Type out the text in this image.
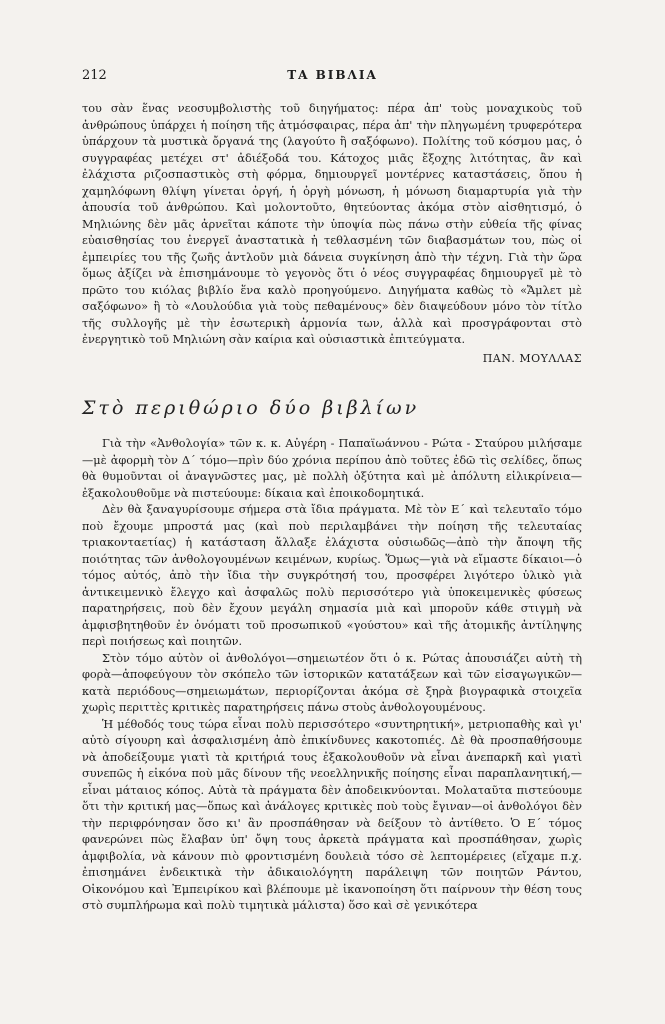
212	ΤΑ ΒΙΒΛΙΑ

του σὰν ἕνας νεοσυμβολιστὴς τοῦ διηγήματος: πέρα ἀπ' τοὺς μοναχικοὺς τοῦ ἀνθρώπους ὑπάρχει ἡ ποίηση τῆς ἀτμόσφαιρας, πέρα ἀπ' τὴν πληγωμένη τρυφερότερα ὑπάρχουν τὰ μυστικὰ ὄργανά της (λαγούτο ἢ σαξόφωνο). Πολίτης τοῦ κόσμου μας, ὁ συγγραφέας μετέχει στ' ἀδιέξοδά του. Κάτοχος μιᾶς ἔξοχης λιτότητας, ἂν καὶ ἐλάχιστα ριζοσπαστικὸς στὴ φόρμα, δημιουργεῖ μοντέρνες καταστάσεις, ὅπου ἡ χαμηλόφωνη θλίψη γίνεται ὀργή, ἡ ὀργὴ μόνωση, ἡ μόνωση διαμαρτυρία γιὰ τὴν ἀπουσία τοῦ ἀνθρώπου. Καὶ μολοντοῦτο, θητεύοντας ἀκόμα στὸν αἰσθητισμό, ὁ Μηλιώνης δὲν μᾶς ἀρνεῖται κάποτε τὴν ὑποψία πὼς πάνω στὴν εὐθεία τῆς φίνας εὐαισθησίας του ἐνεργεῖ ἀναστατικὰ ἡ τεθλασμένη τῶν διαβασμάτων του, πὼς οἱ ἐμπειρίες του τῆς ζωῆς ἀντλοῦν μιὰ δάνεια συγκίνηση ἀπὸ τὴν τέχνη. Γιὰ τὴν ὥρα ὅμως ἀξίζει νὰ ἐπισημάνουμε τὸ γεγονὸς ὅτι ὁ νέος συγγραφέας δημιουργεῖ μὲ τὸ πρῶτο του κιόλας βιβλίο ἕνα καλὸ προηγούμενο. Διηγήματα καθὼς τὸ «Ἄμλετ μὲ σαξόφωνο» ἢ τὸ «Λουλούδια γιὰ τοὺς πεθαμένους» δὲν διαψεύδουν μόνο τὸν τίτλο τῆς συλλογῆς μὲ τὴν ἐσωτερικὴ ἁρμονία των, ἀλλὰ καὶ προσγράφονται στὸ ἐνεργητικὸ τοῦ Μηλιώνη σὰν καίρια καὶ οὐσιαστικὰ ἐπιτεύγματα.

ΠΑΝ. ΜΟΥΛΛΑΣ

Στὸ περιθώριο δύο βιβλίων

Γιὰ τὴν «Ἀνθολογία» τῶν κ. κ. Αὐγέρη - Παπαϊωάννου - Ρώτα - Σταύρου μιλήσαμε—μὲ ἀφορμὴ τὸν Δ΄ τόμο—πρὶν δύο χρόνια περίπου ἀπὸ τοῦτες ἐδῶ τὶς σελίδες, ὅπως θὰ θυμοῦνται οἱ ἀναγνῶστες μας, μὲ πολλὴ ὀξύτητα καὶ μὲ ἀπόλυτη εἰλικρίνεια—ἐξακολουθοῦμε νὰ πιστεύουμε: δίκαια καὶ ἐποικοδομητικά.

Δὲν θὰ ξαναγυρίσουμε σήμερα στὰ ἴδια πράγματα. Μὲ τὸν Ε΄ καὶ τελευταῖο τόμο ποὺ ἔχουμε μπροστά μας (καὶ ποὺ περιλαμβάνει τὴν ποίηση τῆς τελευταίας τριακονταετίας) ἡ κατάσταση ἄλλαξε ἐλάχιστα οὐσιωδῶς—ἀπὸ τὴν ἄποψη τῆς ποιότητας τῶν ἀνθολογουμένων κειμένων, κυρίως. Ὅμως—γιὰ νὰ εἴμαστε δίκαιοι—ὁ τόμος αὐτός, ἀπὸ τὴν ἴδια τὴν συγκρότησή του, προσφέρει λιγότερο ὑλικὸ γιὰ ἀντικειμενικὸ ἔλεγχο καὶ ἀσφαλῶς πολὺ περισσότερο γιὰ ὑποκειμενικὲς φύσεως παρατηρήσεις, ποὺ δὲν ἔχουν μεγάλη σημασία μιὰ καὶ μποροῦν κάθε στιγμὴ νὰ ἀμφισβητηθοῦν ἐν ὀνόματι τοῦ προσωπικοῦ «γούστου» καὶ τῆς ἀτομικῆς ἀντίληψης περὶ ποιήσεως καὶ ποιητῶν.

Στὸν τόμο αὐτὸν οἱ ἀνθολόγοι—σημειωτέον ὅτι ὁ κ. Ρώτας ἀπουσιάζει αὐτὴ τὴ φορὰ—ἀποφεύγουν τὸν σκόπελο τῶν ἱστορικῶν κατατάξεων καὶ τῶν εἰσαγωγικῶν—κατὰ περιόδους—σημειωμάτων, περιορίζονται ἀκόμα σὲ ξηρὰ βιογραφικὰ στοιχεῖα χωρὶς περιττὲς κριτικὲς παρατηρήσεις πάνω στοὺς ἀνθολογουμένους.

Ἡ μέθοδός τους τώρα εἶναι πολὺ περισσότερο «συντηρητική», μετριοπαθὴς καὶ γι' αὐτὸ σίγουρη καὶ ἀσφαλισμένη ἀπὸ ἐπικίνδυνες κακοτοπιές. Δὲ θὰ προσπαθήσουμε νὰ ἀποδείξουμε γιατὶ τὰ κριτήριά τους ἐξακολουθοῦν νὰ εἶναι ἀνεπαρκῆ καὶ γιατὶ συνεπῶς ἡ εἰκόνα ποὺ μᾶς δίνουν τῆς νεοελληνικῆς ποίησης εἶναι παραπλανητική,—εἶναι μάταιος κόπος. Αὐτὰ τὰ πράγματα δὲν ἀποδεικνύονται. Μολαταῦτα πιστεύουμε ὅτι τὴν κριτική μας—ὅπως καὶ ἀνάλογες κριτικὲς ποὺ τοὺς ἔγιναν—οἱ ἀνθολόγοι δὲν τὴν περιφρόνησαν ὅσο κι' ἂν προσπάθησαν νὰ δείξουν τὸ ἀντίθετο. Ὁ Ε΄ τόμος φανερώνει πὼς ἔλαβαν ὑπ' ὄψη τους ἀρκετὰ πράγματα καὶ προσπάθησαν, χωρὶς ἀμφιβολία, νὰ κάνουν πιὸ φροντισμένη δουλειὰ τόσο σὲ λεπτομέρειες (εἴχαμε π.χ. ἐπισημάνει ἐνδεικτικὰ τὴν ἀδικαιολόγητη παράλειψη τῶν ποιητῶν Ράντου, Οἰκονόμου καὶ Ἐμπειρίκου καὶ βλέπουμε μὲ ἱκανοποίηση ὅτι παίρνουν τὴν θέση τους στὸ συμπλήρωμα καὶ πολὺ τιμητικὰ μάλιστα) ὅσο καὶ σὲ γενικότερα
